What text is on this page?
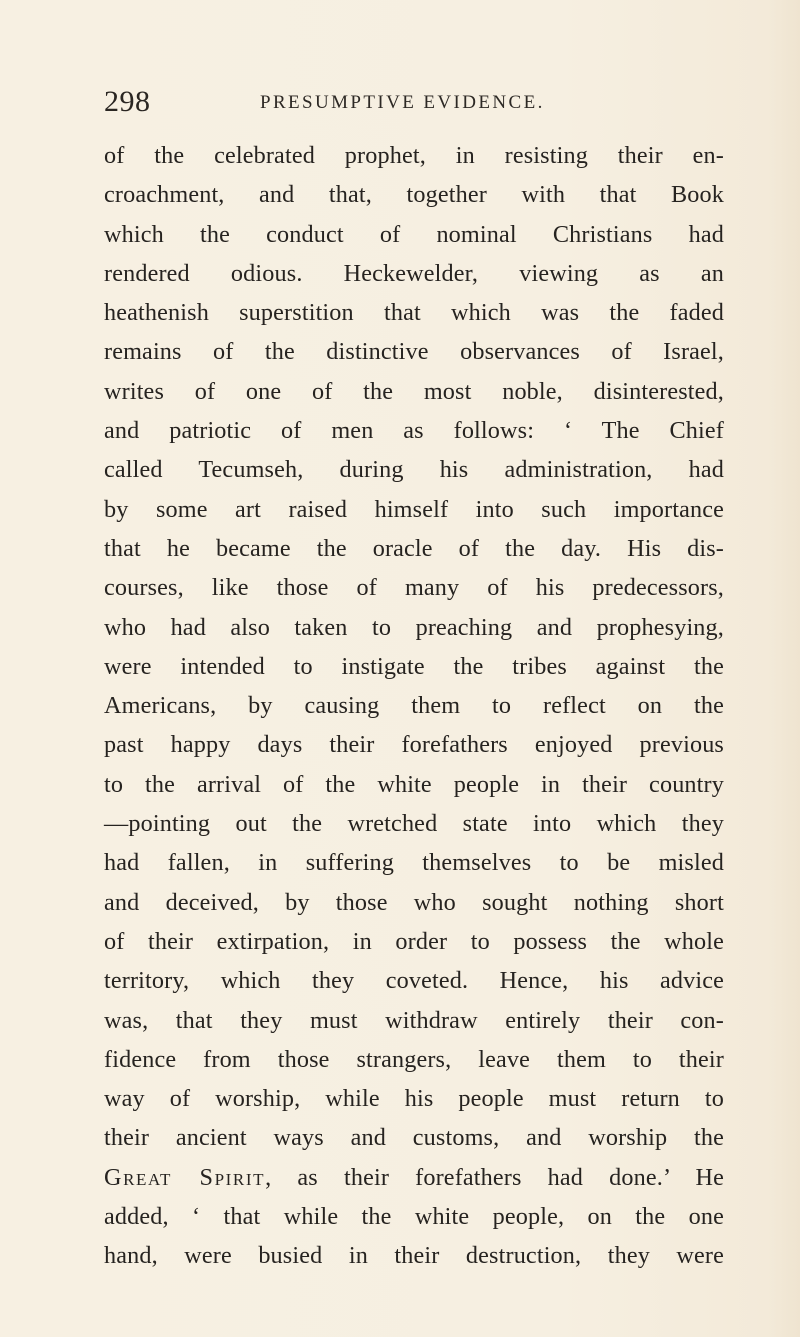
298	PRESUMPTIVE EVIDENCE.
of the celebrated prophet, in resisting their en-
croachment, and that, together with that Book
which the conduct of nominal Christians had
rendered odious. Heckewelder, viewing as an
heathenish superstition that which was the faded
remains of the distinctive observances of Israel,
writes of one of the most noble, disinterested,
and patriotic of men as follows: ‘ The Chief
called Tecumseh, during his administration, had
by some art raised himself into such importance
that he became the oracle of the day. His dis-
courses, like those of many of his predecessors,
who had also taken to preaching and prophesying,
were intended to instigate the tribes against the
Americans, by causing them to reflect on the
past happy days their forefathers enjoyed previous
to the arrival of the white people in their country
—pointing out the wretched state into which they
had fallen, in suffering themselves to be misled
and deceived, by those who sought nothing short
of their extirpation, in order to possess the whole
territory, which they coveted. Hence, his advice
was, that they must withdraw entirely their con-
fidence from those strangers, leave them to their
way of worship, while his people must return to
their ancient ways and customs, and worship the
Great Spirit, as their forefathers had done.’ He
added, ‘ that while the white people, on the one
hand, were busied in their destruction, they were
